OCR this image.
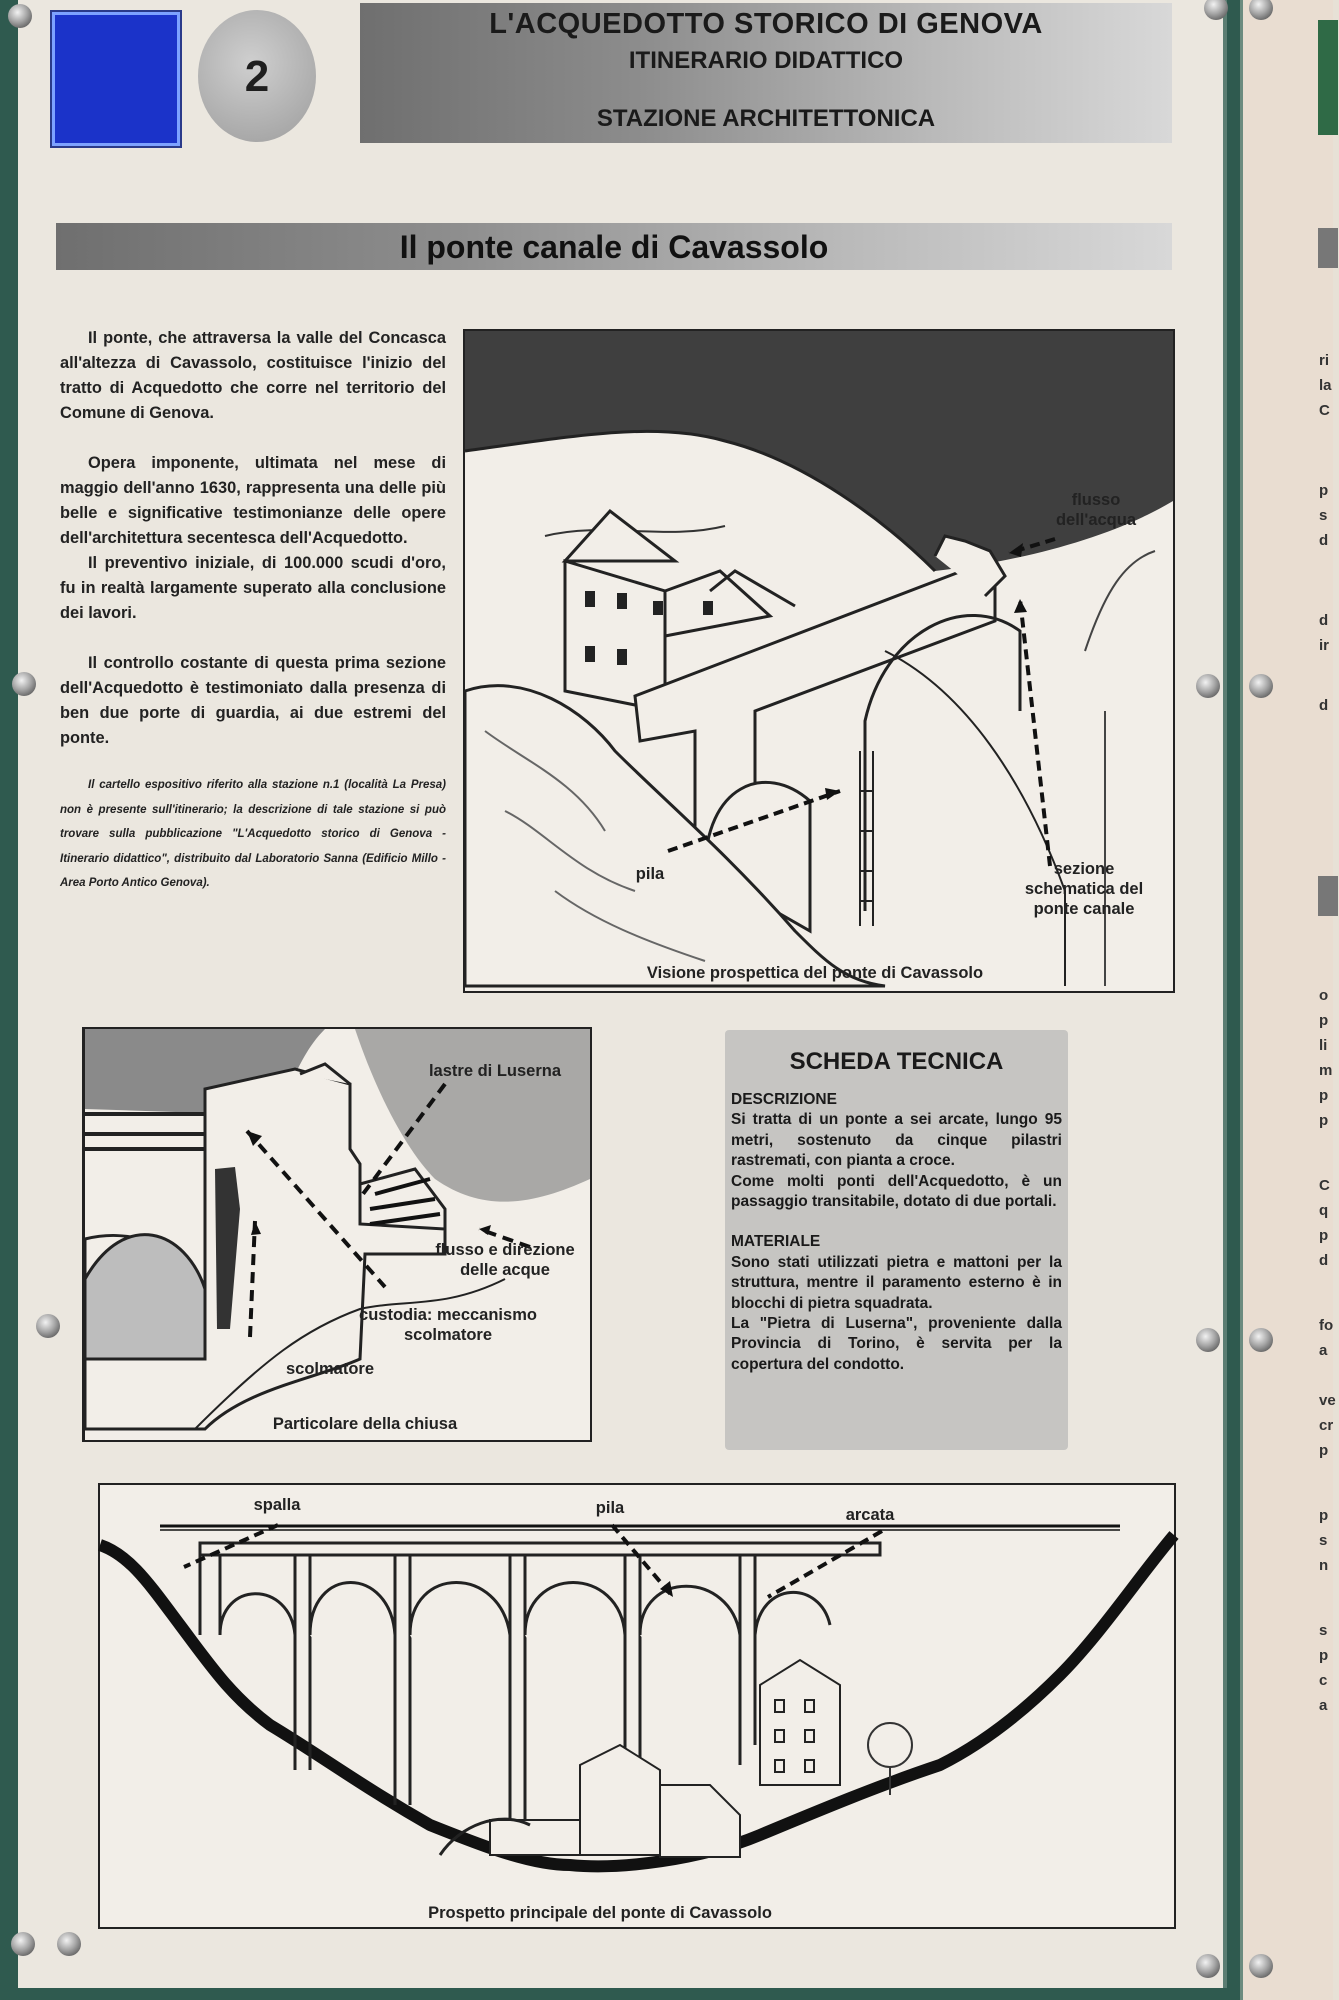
2
L'ACQUEDOTTO STORICO DI GENOVA
ITINERARIO DIDATTICO
STAZIONE ARCHITETTONICA
Il ponte canale di Cavassolo

Il ponte, che attraversa la valle del Concasca all'altezza di Cavassolo, costituisce l'inizio del tratto di Acquedotto che corre nel territorio del Comune di Genova.

Opera imponente, ultimata nel mese di maggio dell'anno 1630, rappresenta una delle più belle e significative testimonianze delle opere dell'architettura secentesca dell'Acquedotto.

Il preventivo iniziale, di 100.000 scudi d'oro, fu in realtà largamente superato alla conclusione dei lavori.

Il controllo costante di questa prima sezione dell'Acquedotto è testimoniato dalla presenza di ben due porte di guardia, ai due estremi del ponte.

Il cartello espositivo riferito alla stazione n.1 (località La Presa) non è presente sull'itinerario; la descrizione di tale stazione si può trovare sulla pubblicazione "L'Acquedotto storico di Genova - Itinerario didattico", distribuito dal Laboratorio Sanna (Edificio Millo - Area Porto Antico Genova).

flusso dell'acqua
pila	sezione schematica del ponte canale
Visione prospettica del ponte di Cavassolo
lastre di Luserna
flusso e direzione delle acque
custodia: meccanismo scolmatore
scolmatore
Particolare della chiusa
SCHEDA TECNICA
DESCRIZIONE
Si tratta di un ponte a sei arcate, lungo 95 metri, sostenuto da cinque pilastri rastremati, con pianta a croce.
Come molti ponti dell'Acquedotto, è un passaggio transitabile, dotato di due portali.
MATERIALE
Sono stati utilizzati pietra e mattoni per la struttura, mentre il paramento esterno è in blocchi di pietra squadrata.
La "Pietra di Luserna", proveniente dalla Provincia di Torino, è servita per la copertura del condotto.
spalla	pila	arcata
Prospetto principale del ponte di Cavassolo
ri
la
C
p
s
d
d
ir
d
o
p
li
m
p
p
C
q
p
d
fo
a
ve
cr
p
p
s
n
s
p
c
a
